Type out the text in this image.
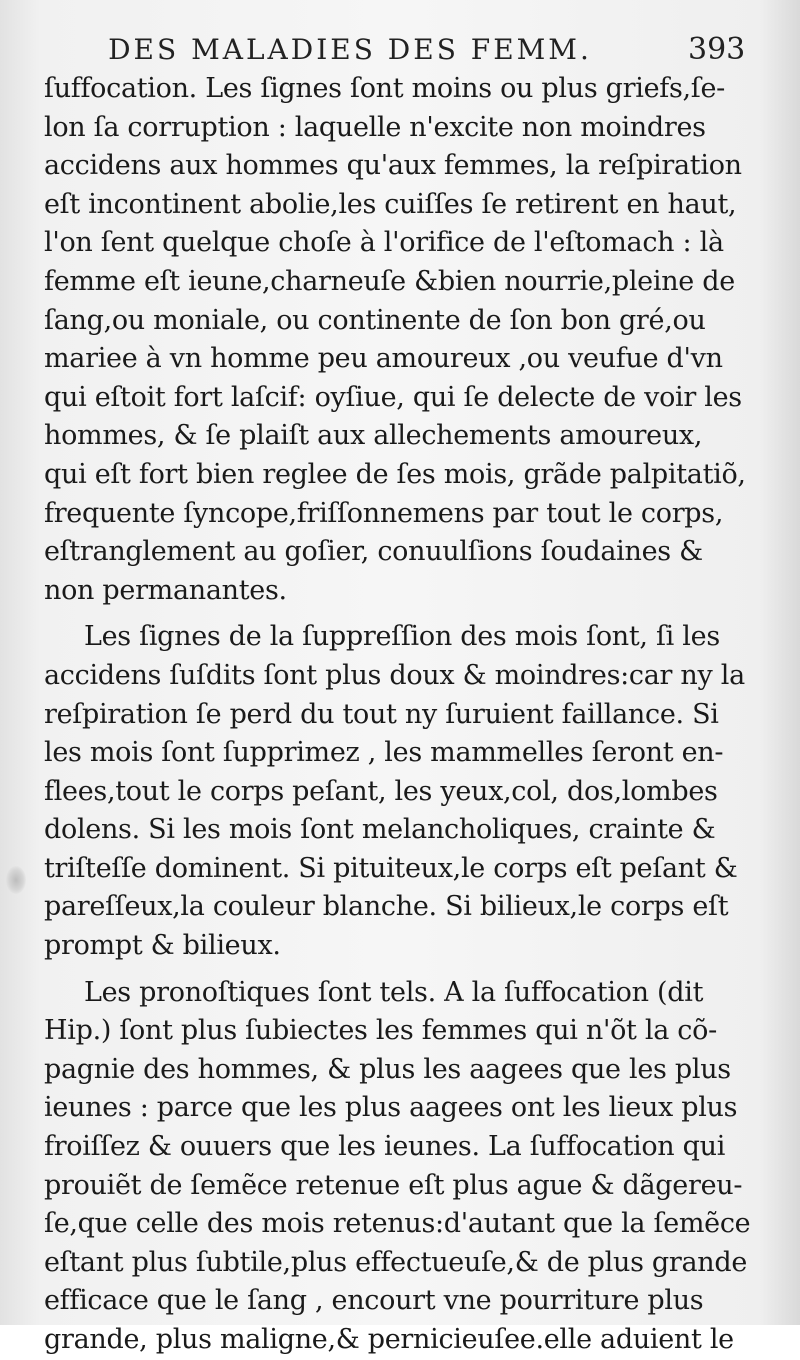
DES MALADIES DES FEMM.	393
ſuffocation. Les ſignes ſont moins ou plus griefs,ſe-
lon ſa corruption : laquelle n'excite non moindres
accidens aux hommes qu'aux femmes, la reſpiration
eſt incontinent abolie,les cuiſſes ſe retirent en haut,
l'on ſent quelque choſe à l'orifice de l'eſtomach : là
femme eſt ieune,charneuſe &bien nourrie,pleine de
ſang,ou moniale, ou continente de ſon bon gré,ou
mariee à vn homme peu amoureux ,ou veufue d'vn
qui eſtoit fort laſcif: oyſiue, qui ſe delecte de voir les
hommes, & ſe plaiſt aux allechements amoureux,
qui eſt fort bien reglee de ſes mois, grãde palpitatiõ,
frequente ſyncope,friſſonnemens par tout le corps,
eſtranglement au goſier, conuulſions ſoudaines &
non permanantes.
Les ſignes de la ſuppreſſion des mois ſont, ſi les
accidens ſuſdits ſont plus doux & moindres:car ny la
reſpiration ſe perd du tout ny ſuruient faillance. Si
les mois ſont ſupprimez , les mammelles ſeront en-
flees,tout le corps peſant, les yeux,col, dos,lombes
dolens. Si les mois ſont melancholiques, crainte &
triſteſſe dominent. Si pituiteux,le corps eſt peſant &
pareſſeux,la couleur blanche. Si bilieux,le corps eſt
prompt & bilieux.
Les pronoſtiques ſont tels. A la ſuffocation (dit
Hip.) ſont plus ſubiectes les femmes qui n'õt la cõ-
pagnie des hommes, & plus les aagees que les plus
ieunes : parce que les plus aagees ont les lieux plus
froiſſez & ouuers que les ieunes. La ſuffocation qui
prouiẽt de ſemẽce retenue eſt plus ague & dãgereu-
ſe,que celle des mois retenus:d'autant que la ſemẽce
eſtant plus ſubtile,plus effectueuſe,& de plus grande
efficace que le ſang , encourt vne pourriture plus
grande, plus maligne,& pernicieuſee.elle aduient le
